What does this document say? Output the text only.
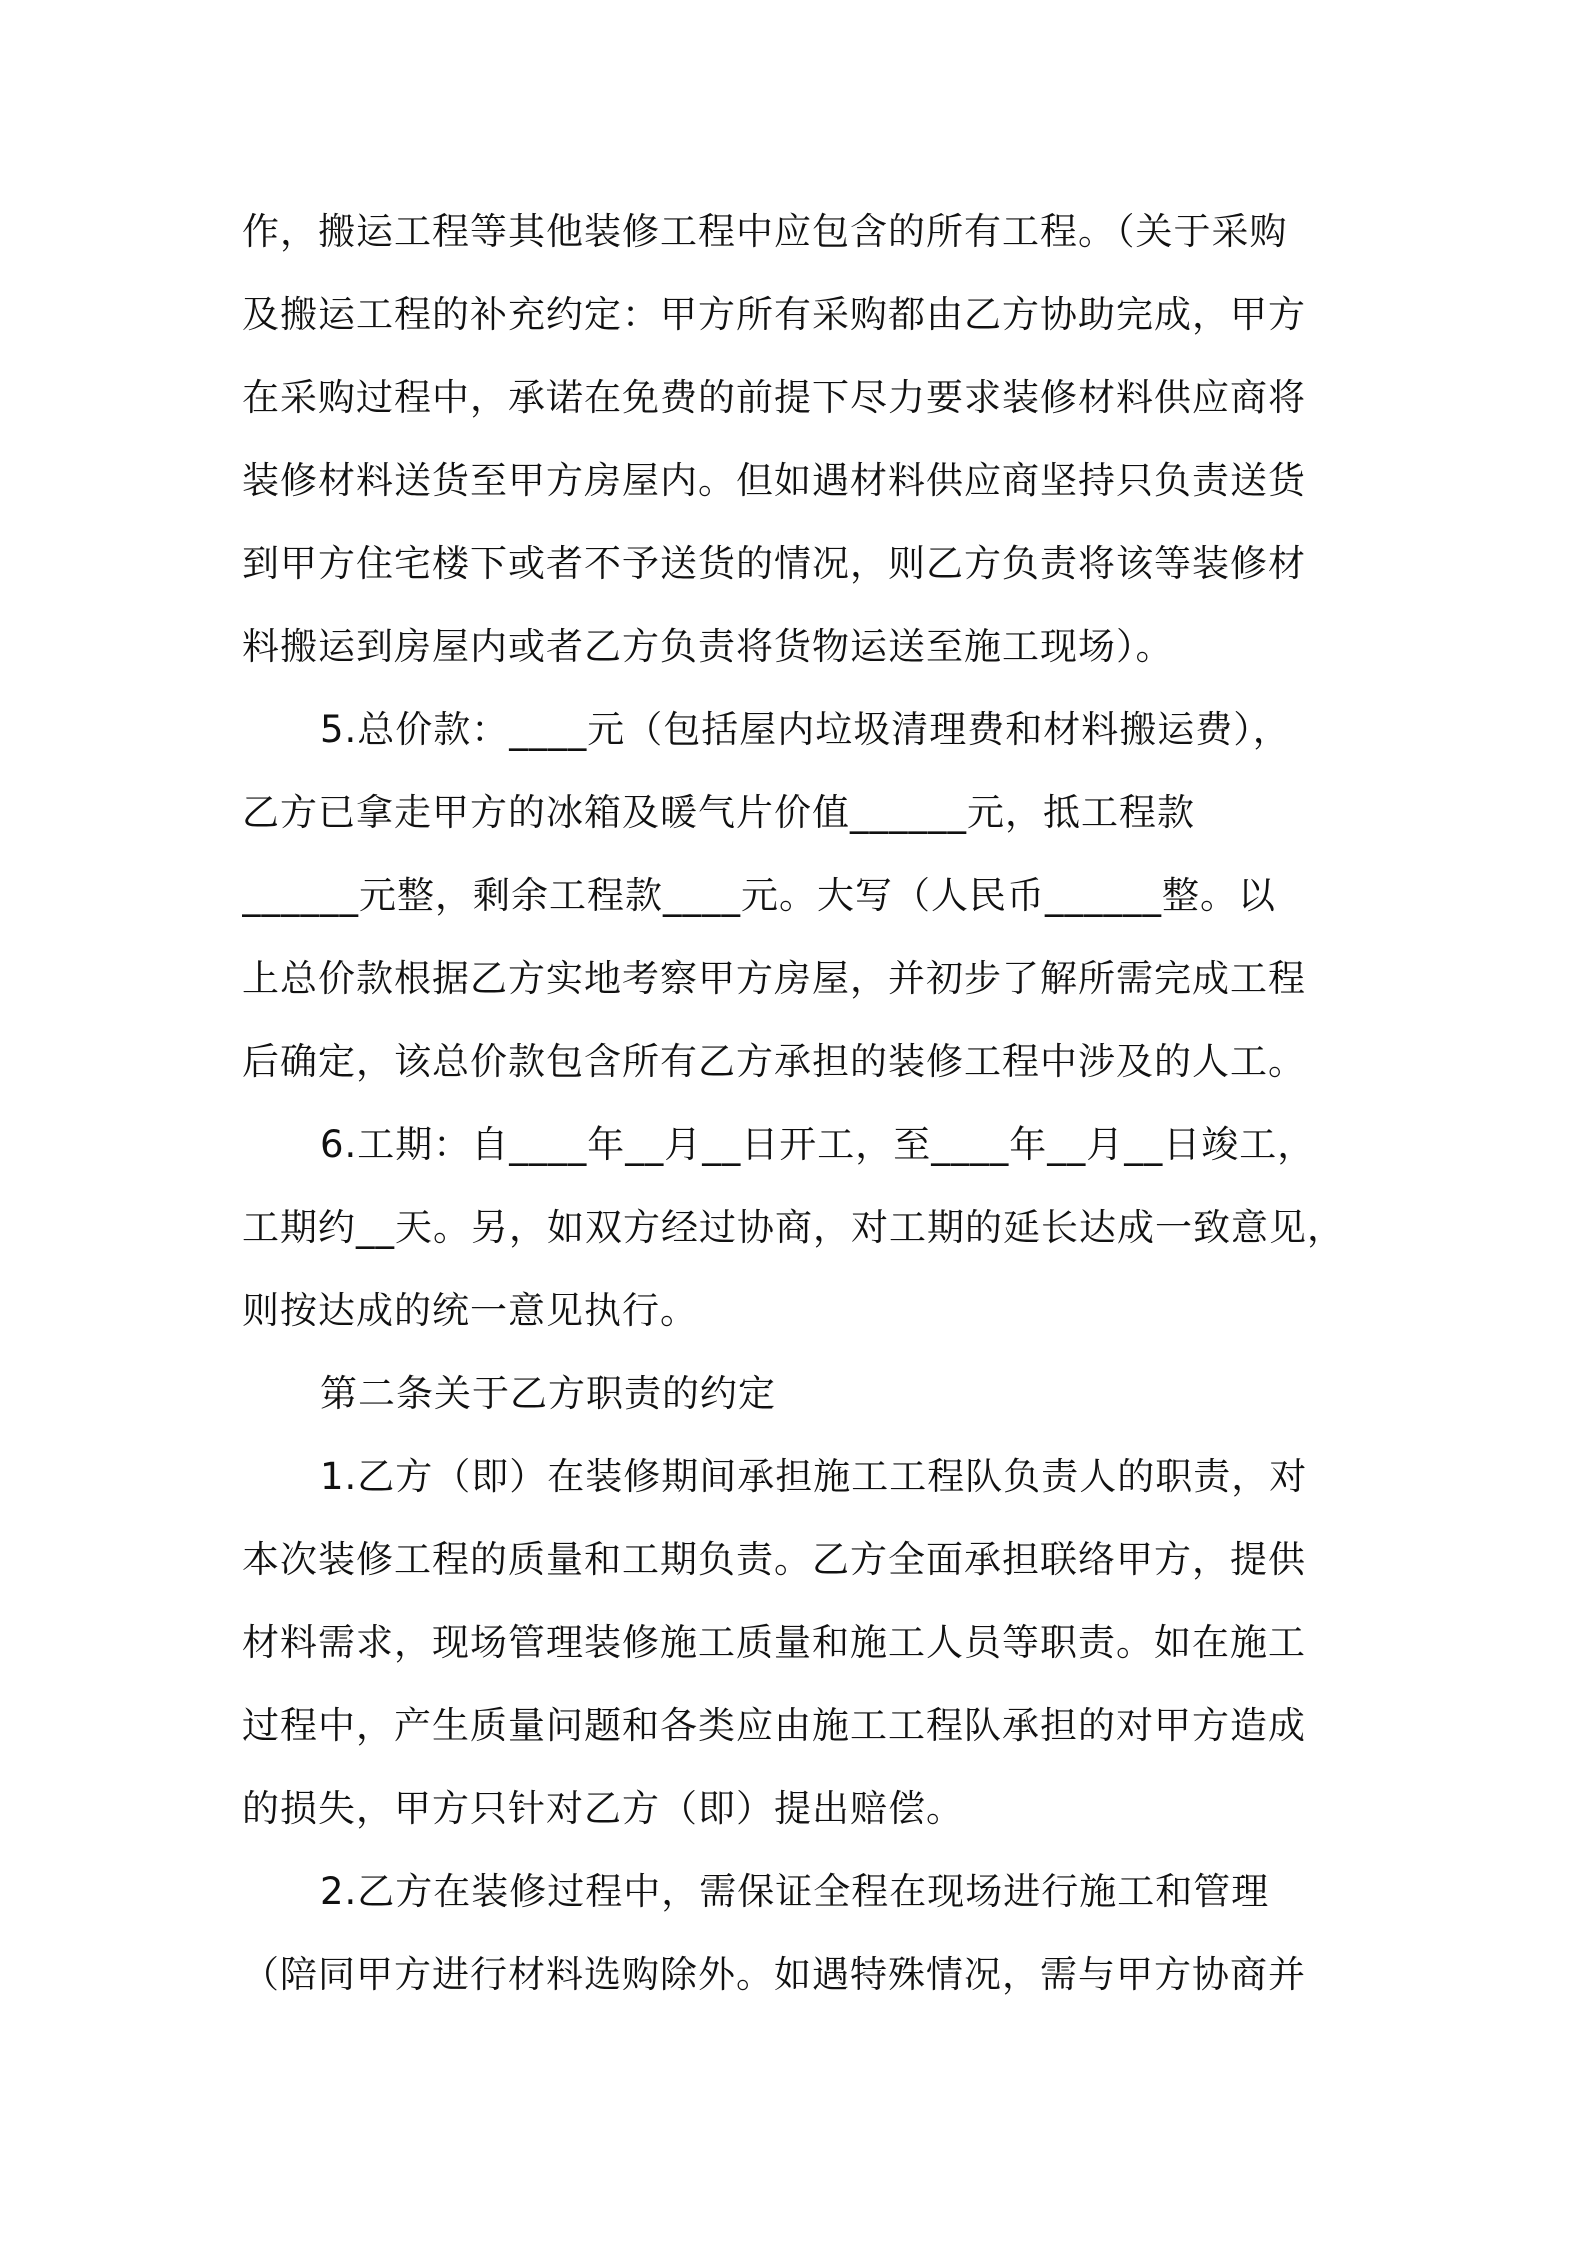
作，搬运工程等其他装修工程中应包含的所有工程。（关于采购
及搬运工程的补充约定：甲方所有采购都由乙方协助完成，甲方
在采购过程中，承诺在免费的前提下尽力要求装修材料供应商将
装修材料送货至甲方房屋内。但如遇材料供应商坚持只负责送货
到甲方住宅楼下或者不予送货的情况，则乙方负责将该等装修材
料搬运到房屋内或者乙方负责将货物运送至施工现场）。
5.总价款：____元（包括屋内垃圾清理费和材料搬运费），
乙方已拿走甲方的冰箱及暖气片价值______元，抵工程款
______元整，剩余工程款____元。大写（人民币______整。以
上总价款根据乙方实地考察甲方房屋，并初步了解所需完成工程
后确定，该总价款包含所有乙方承担的装修工程中涉及的人工。
6.工期：自____年__月__日开工，至____年__月__日竣工，
工期约__天。另，如双方经过协商，对工期的延长达成一致意见，
则按达成的统一意见执行。
第二条关于乙方职责的约定
1.乙方（即）在装修期间承担施工工程队负责人的职责，对
本次装修工程的质量和工期负责。乙方全面承担联络甲方，提供
材料需求，现场管理装修施工质量和施工人员等职责。如在施工
过程中，产生质量问题和各类应由施工工程队承担的对甲方造成
的损失，甲方只针对乙方（即）提出赔偿。
2.乙方在装修过程中，需保证全程在现场进行施工和管理
（陪同甲方进行材料选购除外。如遇特殊情况，需与甲方协商并
